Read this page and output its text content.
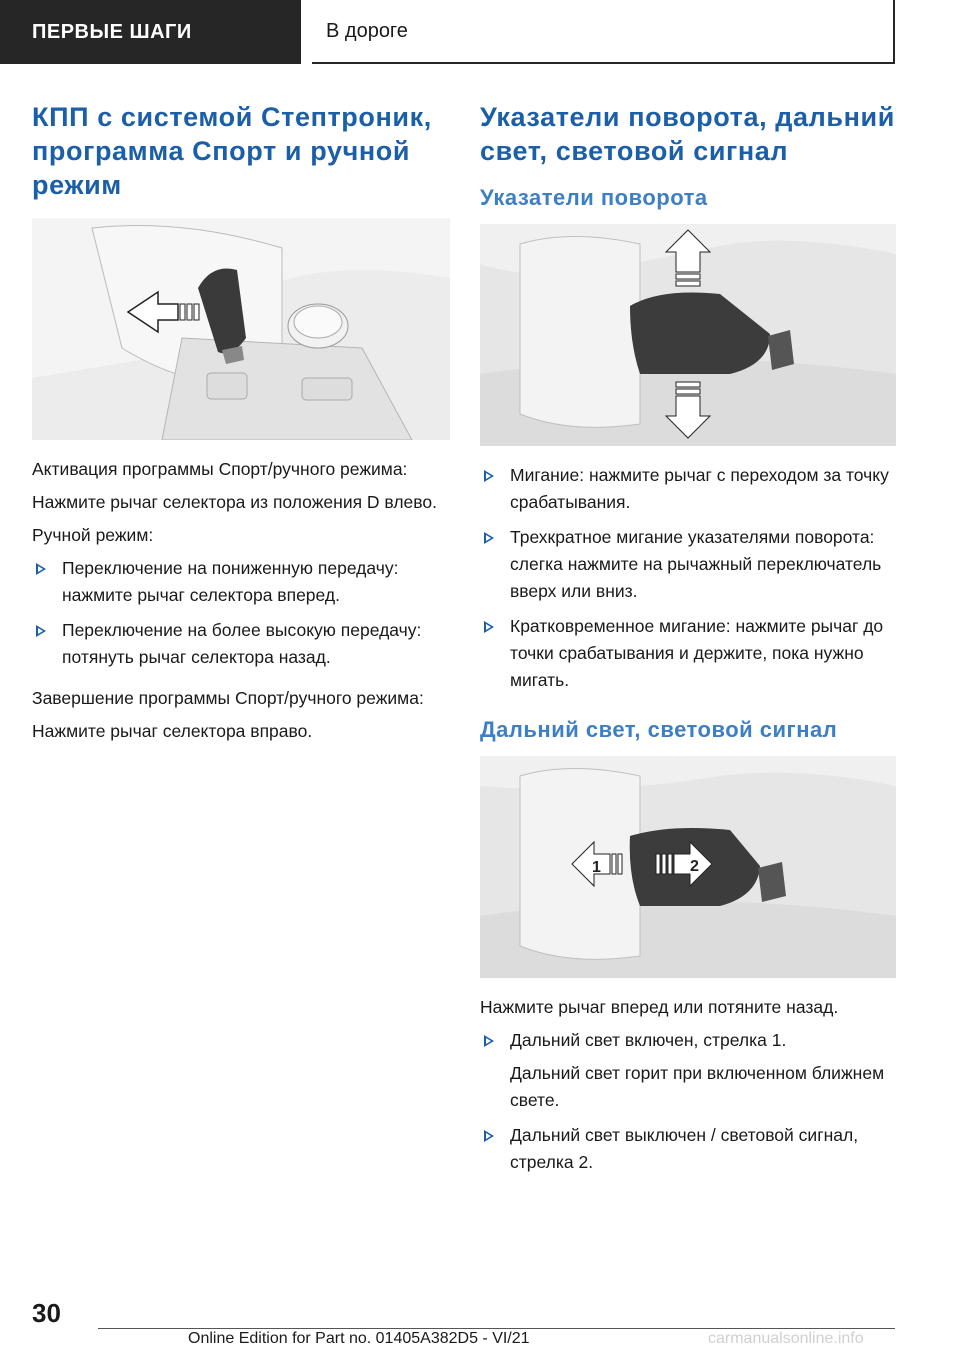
ПЕРВЫЕ ШАГИ	В дороге
КПП с системой Стептроник, программа Спорт и ручной режим

Активация программы Спорт/ручного режима:

Нажмите рычаг селектора из положения D влево.

Ручной режим:

Переключение на пониженную передачу: нажмите рычаг селектора вперед.
Переключение на более высокую передачу: потянуть рычаг селектора назад.

Завершение программы Спорт/ручного режима:

Нажмите рычаг селектора вправо.

Указатели поворота, дальний свет, световой сигнал
Указатели поворота
Мигание: нажмите рычаг с переходом за точку срабатывания.
Трехкратное мигание указателями поворота: слегка нажмите на рычажный переключатель вверх или вниз.
Кратковременное мигание: нажмите рычаг до точки срабатывания и держите, пока нужно мигать.
Дальний свет, световой сигнал
1	2

Нажмите рычаг вперед или потяните назад.

Дальний свет включен, стрелка 1.
Дальний свет горит при включенном ближнем свете.
Дальний свет выключен / световой сигнал, стрелка 2.
30
Online Edition for Part no. 01405A382D5 - VI/21	carmanualsonline.info
